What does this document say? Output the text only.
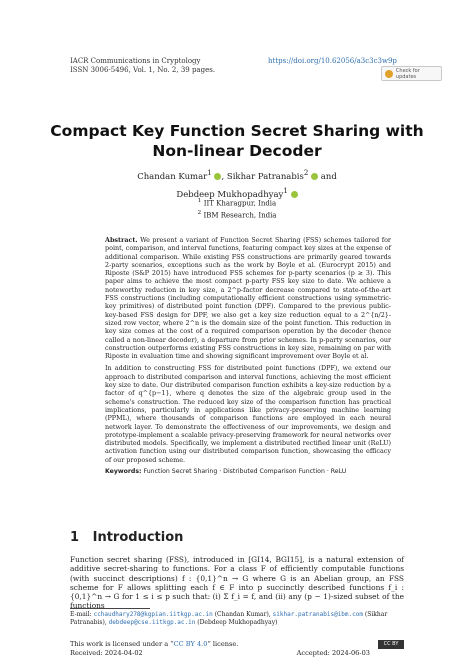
IACR Communications in Cryptology
ISSN 3006-5496, Vol. 1, No. 2, 39 pages.
https://doi.org/10.62056/a3c3c3w9p
Check for updates
Compact Key Function Secret Sharing with
Non-linear Decoder
Chandan Kumar$^1$ , Sikhar Patranabis$^2$  and
Debdeep Mukhopadhyay$^1$
$^1$ IIT Kharagpur, India
$^2$ IBM Research, India

Abstract. We present a variant of Function Secret Sharing (FSS) schemes tailored for point, comparison, and interval functions, featuring compact key sizes at the expense of additional comparison. While existing FSS constructions are primarily geared towards 2-party scenarios, exceptions such as the work by Boyle et al. (Eurocrypt 2015) and Riposte (S&P 2015) have introduced FSS schemes for p-party scenarios (p ≥ 3). This paper aims to achieve the most compact p-party FSS key size to date. We achieve a noteworthy reduction in key size, a 2^p-factor decrease compared to state-of-the-art FSS constructions (including computationally efficient constructions using symmetric-key primitives) of distributed point function (DPF). Compared to the previous public-key-based FSS design for DPF, we also get a key size reduction equal to a 2^{n/2}-sized row vector, where 2^n is the domain size of the point function. This reduction in key size comes at the cost of a required comparison operation by the decoder (hence called a non-linear decoder), a departure from prior schemes. In p-party scenarios, our construction outperforms existing FSS constructions in key size, remaining on par with Riposte in evaluation time and showing significant improvement over Boyle et al.

In addition to constructing FSS for distributed point functions (DPF), we extend our approach to distributed comparison and interval functions, achieving the most efficient key size to date. Our distributed comparison function exhibits a key-size reduction by a factor of q^{p−1}, where q denotes the size of the algebraic group used in the scheme's construction. The reduced key size of the comparison function has practical implications, particularly in applications like privacy-preserving machine learning (PPML), where thousands of comparison functions are employed in each neural network layer. To demonstrate the effectiveness of our improvements, we design and prototype-implement a scalable privacy-preserving framework for neural networks over distributed models. Specifically, we implement a distributed rectified linear unit (ReLU) activation function using our distributed comparison function, showcasing the efficacy of our proposed scheme.

Keywords: Function Secret Sharing · Distributed Comparison Function · ReLU
1 Introduction
Function secret sharing (FSS), introduced in [GI14, BGI15], is a natural extension of additive secret-sharing to functions. For a class F of efficiently computable functions (with succinct descriptions) f : {0,1}^n → G where G is an Abelian group, an FSS scheme for F allows splitting each f ∈ F into p succinctly described functions f_i : {0,1}^n → G for 1 ≤ i ≤ p such that: (i) Σ f_i = f, and (ii) any (p − 1)-sized subset of the functions
E-mail: cchaudhary278@kgpian.iitkgp.ac.in (Chandan Kumar), sikhar.patranabis@ibm.com (Sikhar Patranabis), debdeep@cse.iitkgp.ac.in (Debdeep Mukhopadhyay)
This work is licensed under a “CC BY 4.0” license.
Received: 2024-04-02	Accepted: 2024-06-03
CC BY
